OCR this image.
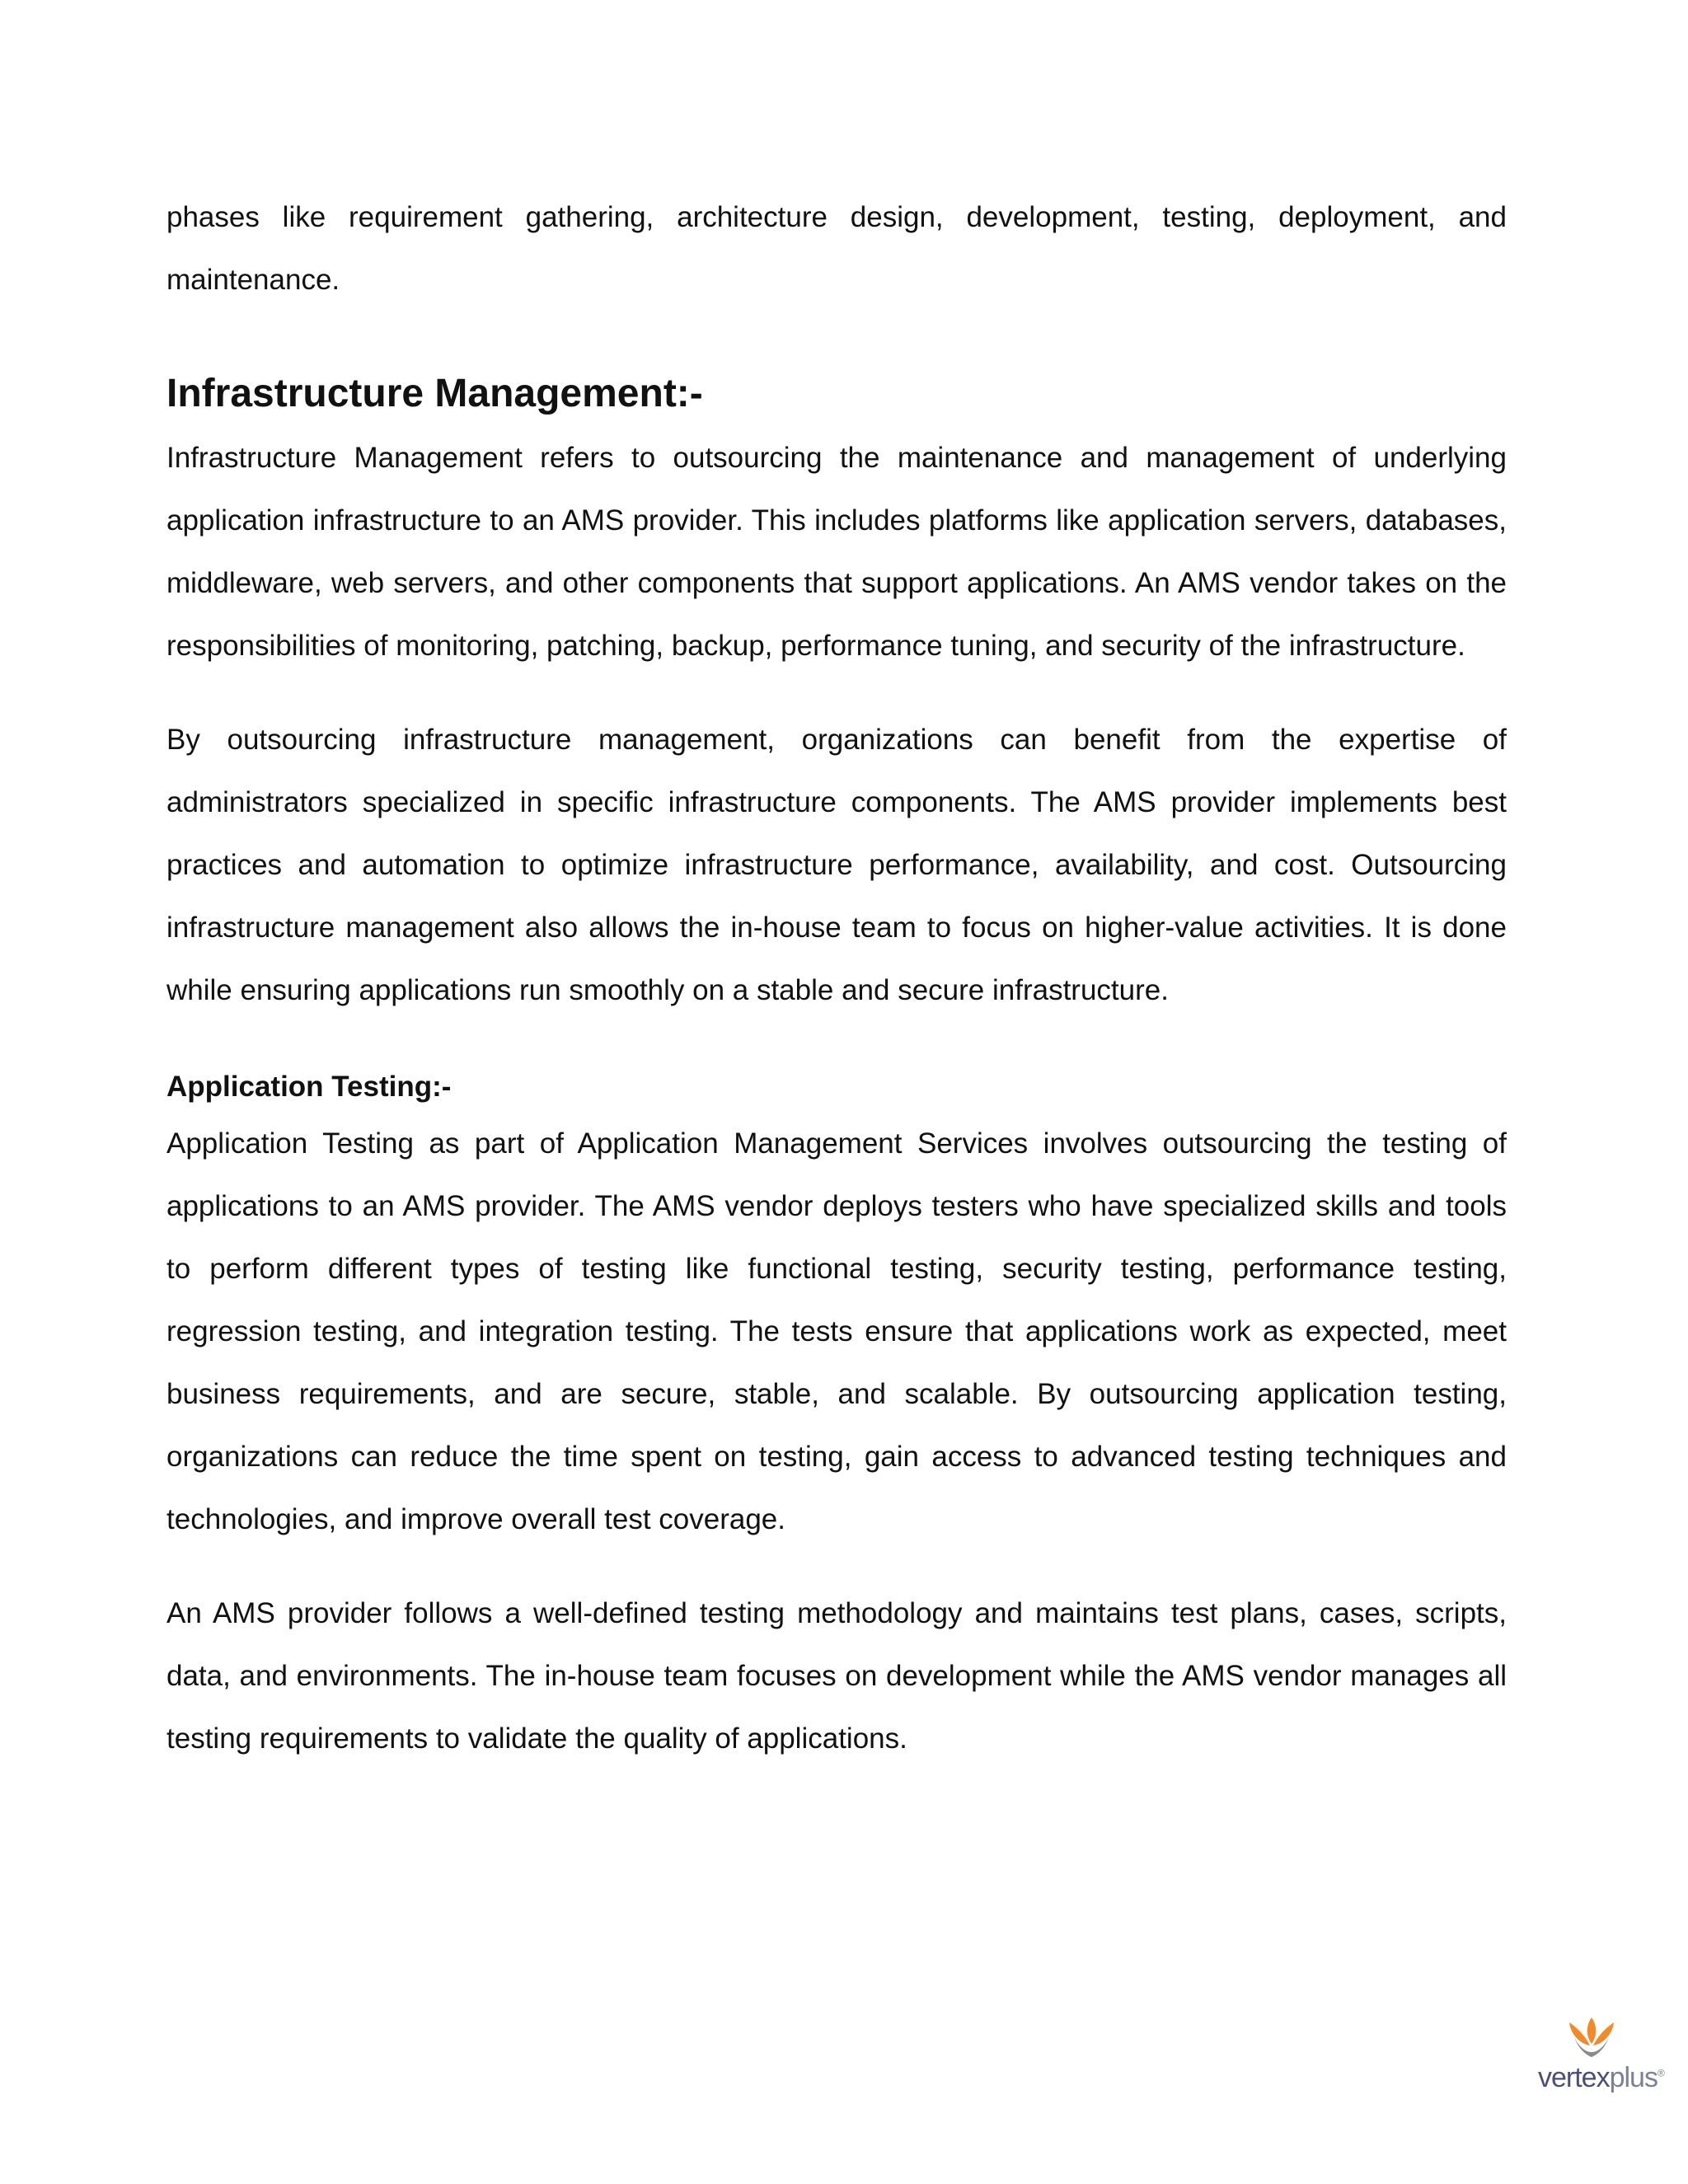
phases like requirement gathering, architecture design, development, testing, deployment, and maintenance.

Infrastructure Management:-

Infrastructure Management refers to outsourcing the maintenance and management of underlying application infrastructure to an AMS provider. This includes platforms like application servers, databases, middleware, web servers, and other components that support applications. An AMS vendor takes on the responsibilities of monitoring, patching, backup, performance tuning, and security of the infrastructure.

By outsourcing infrastructure management, organizations can benefit from the expertise of administrators specialized in specific infrastructure components. The AMS provider implements best practices and automation to optimize infrastructure performance, availability, and cost. Outsourcing infrastructure management also allows the in-house team to focus on higher-value activities. It is done while ensuring applications run smoothly on a stable and secure infrastructure.

Application Testing:-

Application Testing as part of Application Management Services involves outsourcing the testing of applications to an AMS provider. The AMS vendor deploys testers who have specialized skills and tools to perform different types of testing like functional testing, security testing, performance testing, regression testing, and integration testing. The tests ensure that applications work as expected, meet business requirements, and are secure, stable, and scalable. By outsourcing application testing, organizations can reduce the time spent on testing, gain access to advanced testing techniques and technologies, and improve overall test coverage.

An AMS provider follows a well-defined testing methodology and maintains test plans, cases, scripts, data, and environments. The in-house team focuses on development while the AMS vendor manages all testing requirements to validate the quality of applications.

vertexplus®
